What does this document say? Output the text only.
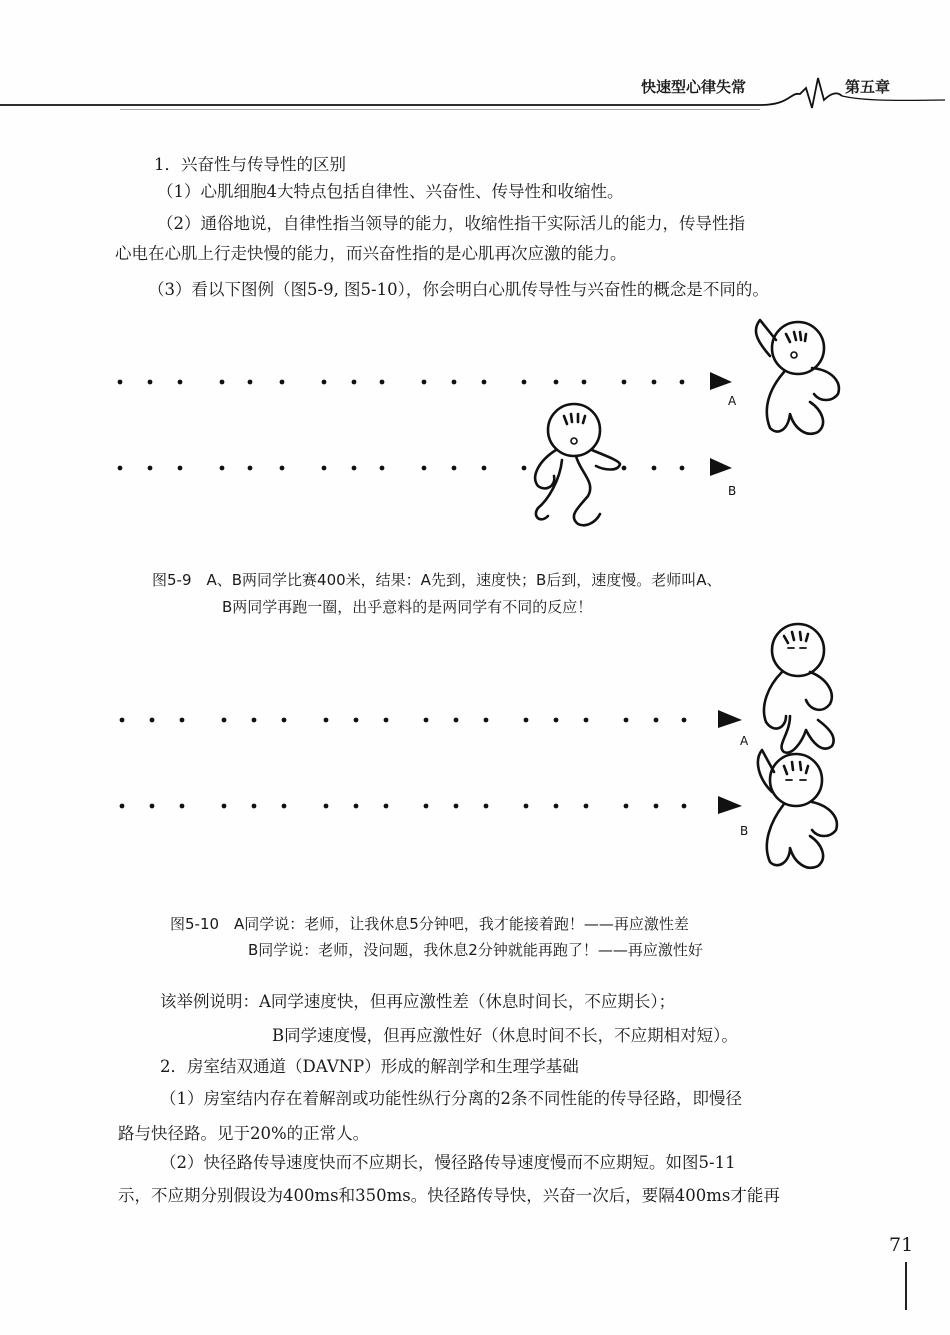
快速型心律失常	第五章
1．兴奋性与传导性的区别
（1）心肌细胞4大特点包括自律性、兴奋性、传导性和收缩性。
（2）通俗地说，自律性指当领导的能力，收缩性指干实际活儿的能力，传导性指
心电在心肌上行走快慢的能力，而兴奋性指的是心肌再次应激的能力。
（3）看以下图例（图5-9, 图5-10），你会明白心肌传导性与兴奋性的概念是不同的。
A
B
图5-9　A、B两同学比赛400米，结果：A先到，速度快；B后到，速度慢。老师叫A、
B两同学再跑一圈，出乎意料的是两同学有不同的反应！
A
B
图5-10　A同学说：老师，让我休息5分钟吧，我才能接着跑！——再应激性差
B同学说：老师，没问题，我休息2分钟就能再跑了！——再应激性好
该举例说明：A同学速度快，但再应激性差（休息时间长，不应期长）；
B同学速度慢，但再应激性好（休息时间不长，不应期相对短）。
2．房室结双通道（DAVNP）形成的解剖学和生理学基础
（1）房室结内存在着解剖或功能性纵行分离的2条不同性能的传导径路，即慢径
路与快径路。见于20%的正常人。
（2）快径路传导速度快而不应期长，慢径路传导速度慢而不应期短。如图5-11
示，不应期分别假设为400ms和350ms。快径路传导快，兴奋一次后，要隔400ms才能再
71
